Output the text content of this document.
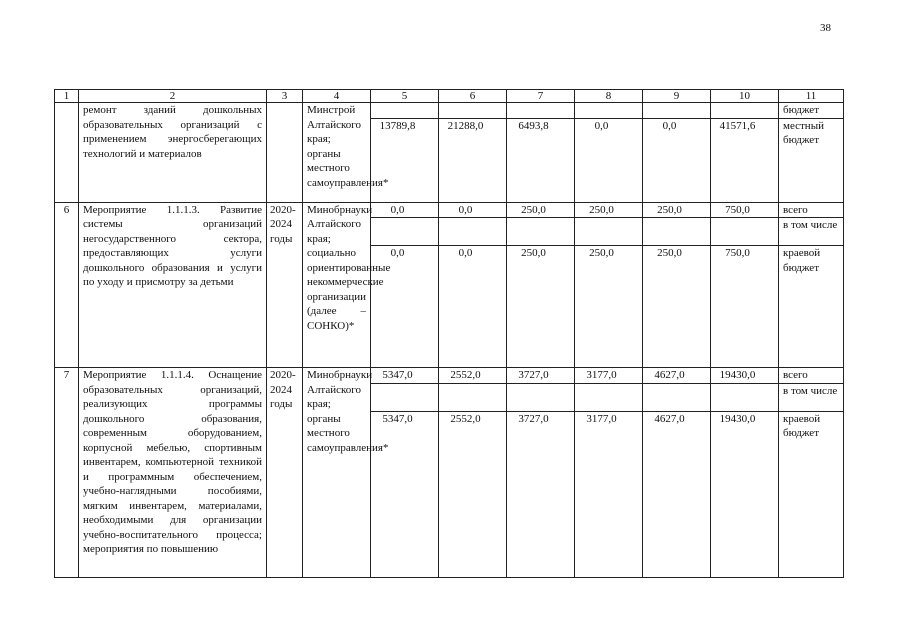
38
1	2	3	4	5	6	7	8	9	10	11
	ремонт зданий дошкольных образовательных организаций с применением энергосберегающих технологий и материалов		Минстрой Алтайского края; органы местного самоуправления*							бюджет
				13789,8	21288,0	6493,8	0,0	0,0	41571,6	местный бюджет
6	Мероприятие 1.1.1.3. Развитие системы организаций негосударственного сектора, предоставляющих услуги дошкольного образования и услуги по уходу и присмотру за детьми	2020-2024 годы	Минобрнауки Алтайского края; социально ориентированные некоммерческие организации (далее – СОНКО)*	0,0	0,0	250,0	250,0	250,0	750,0	всего
										в том числе
				0,0	0,0	250,0	250,0	250,0	750,0	краевой бюджет
7	Мероприятие 1.1.1.4. Оснащение образовательных организаций, реализующих программы дошкольного образования, современным оборудованием, корпусной мебелью, спортивным инвентарем, компьютерной техникой и программным обеспечением, учебно-наглядными пособиями, мягким инвентарем, материалами, необходимыми для организации учебно-воспитательного процесса; мероприятия по повышению	2020-2024 годы	Минобрнауки Алтайского края; органы местного самоуправления*	5347,0	2552,0	3727,0	3177,0	4627,0	19430,0	всего
										в том числе
				5347,0	2552,0	3727,0	3177,0	4627,0	19430,0	краевой бюджет
